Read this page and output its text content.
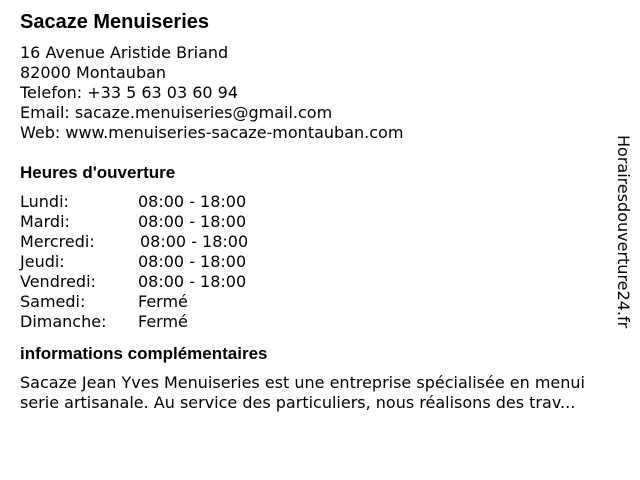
Sacaze Menuiseries
16 Avenue Aristide Briand
82000 Montauban
Telefon: +33 5 63 03 60 94
Email: sacaze.menuiseries@gmail.com
Web: www.menuiseries-sacaze-montauban.com
Heures d'ouverture
Lundi:	08:00 - 18:00
Mardi:	08:00 - 18:00
Mercredi:	08:00 - 18:00
Jeudi:	08:00 - 18:00
Vendredi:	08:00 - 18:00
Samedi:	Fermé
Dimanche:	Fermé
informations complémentaires
Sacaze Jean Yves Menuiseries est une entreprise spécialisée en menui
serie artisanale. Au service des particuliers, nous réalisons des trav...
Horairesdouverture24.fr
